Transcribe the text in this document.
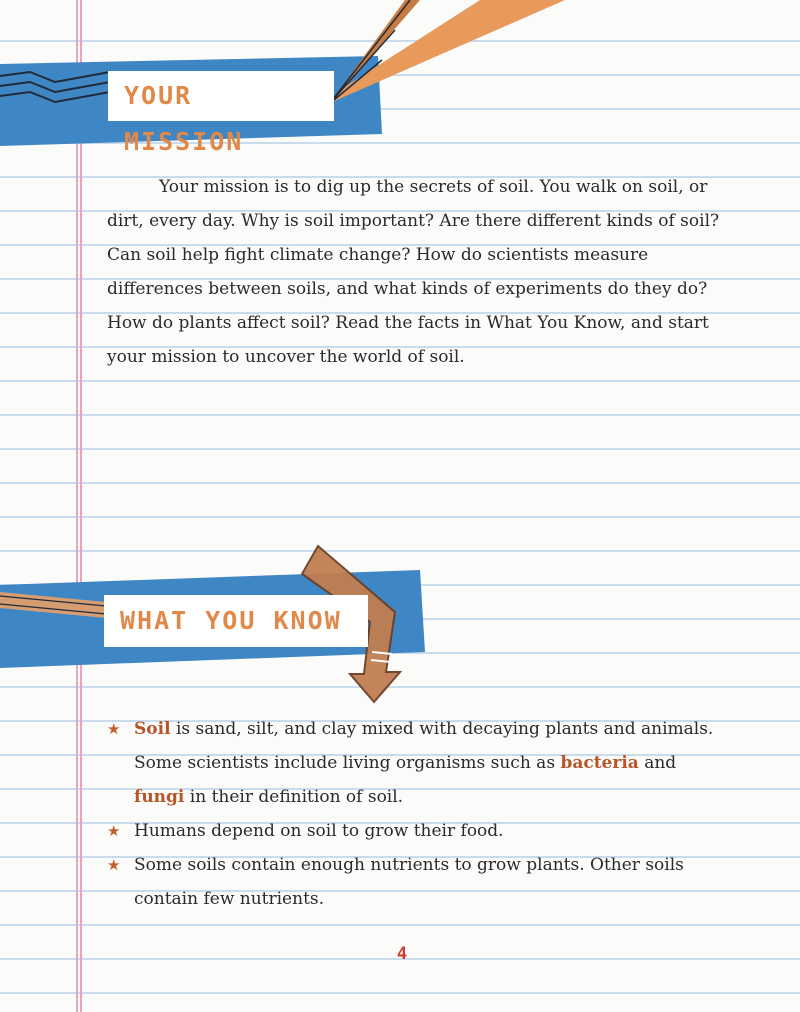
YOUR MISSION

Your mission is to dig up the secrets of soil. You walk on soil, or dirt, every day. Why is soil important? Are there different kinds of soil? Can soil help fight climate change? How do scientists measure differences between soils, and what kinds of experiments do they do? How do plants affect soil? Read the facts in What You Know, and start your mission to uncover the world of soil.

WHAT YOU KNOW
★ Soil is sand, silt, and clay mixed with decaying plants and animals. Some scientists include living organisms such as bacteria and fungi in their definition of soil.
★ Humans depend on soil to grow their food.
★ Some soils contain enough nutrients to grow plants. Other soils contain few nutrients.
4
